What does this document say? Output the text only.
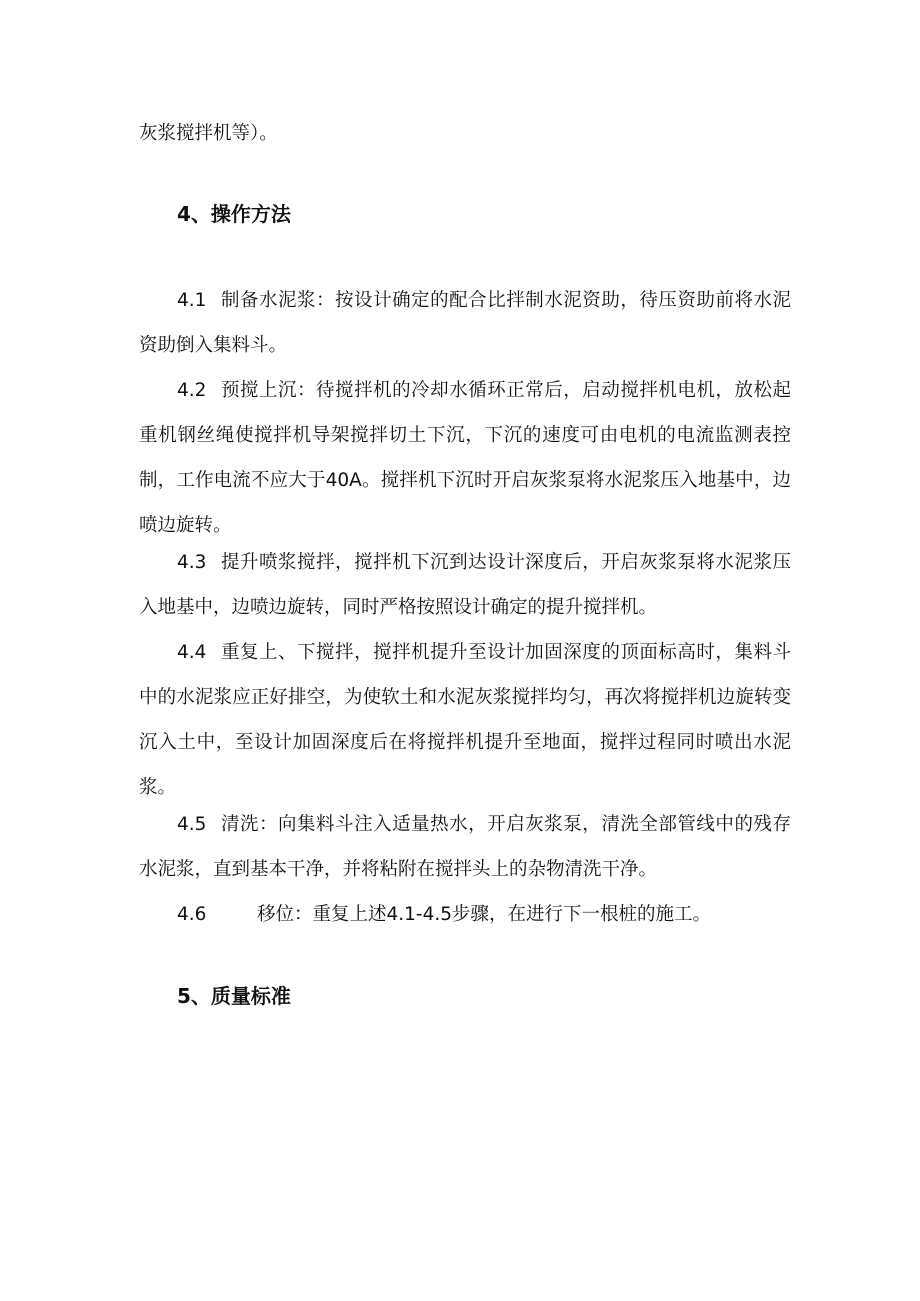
灰浆搅拌机等）。

4、操作方法

4.1 制备水泥浆：按设计确定的配合比拌制水泥资助，待压资助前将水泥资助倒入集料斗。

4.2 预搅上沉：待搅拌机的冷却水循环正常后，启动搅拌机电机，放松起重机钢丝绳使搅拌机导架搅拌切土下沉，下沉的速度可由电机的电流监测表控制，工作电流不应大于40A。搅拌机下沉时开启灰浆泵将水泥浆压入地基中，边喷边旋转。

4.3 提升喷浆搅拌，搅拌机下沉到达设计深度后，开启灰浆泵将水泥浆压入地基中，边喷边旋转，同时严格按照设计确定的提升搅拌机。

4.4 重复上、下搅拌，搅拌机提升至设计加固深度的顶面标高时，集料斗中的水泥浆应正好排空，为使软土和水泥灰浆搅拌均匀，再次将搅拌机边旋转变沉入土中，至设计加固深度后在将搅拌机提升至地面，搅拌过程同时喷出水泥浆。

4.5 清洗：向集料斗注入适量热水，开启灰浆泵，清洗全部管线中的残存水泥浆，直到基本干净，并将粘附在搅拌头上的杂物清洗干净。

4.6	移位：重复上述4.1-4.5步骤，在进行下一根桩的施工。

5、质量标准
